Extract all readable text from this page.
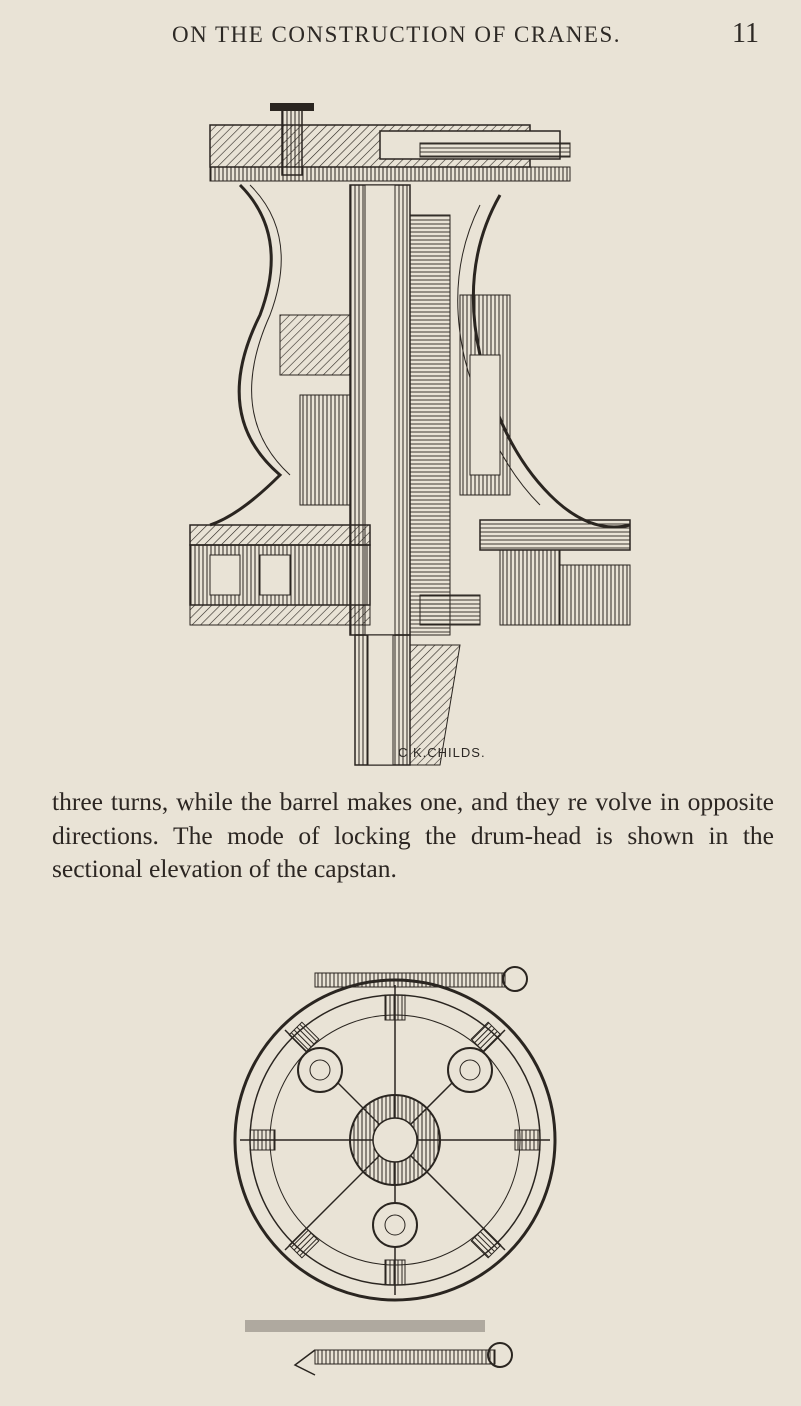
ON THE CONSTRUCTION OF CRANES.	11
C.K.CHILDS.
three turns, while the barrel makes one, and they re volve in opposite directions. The mode of locking the drum-head is shown in the sectional elevation of the capstan.
